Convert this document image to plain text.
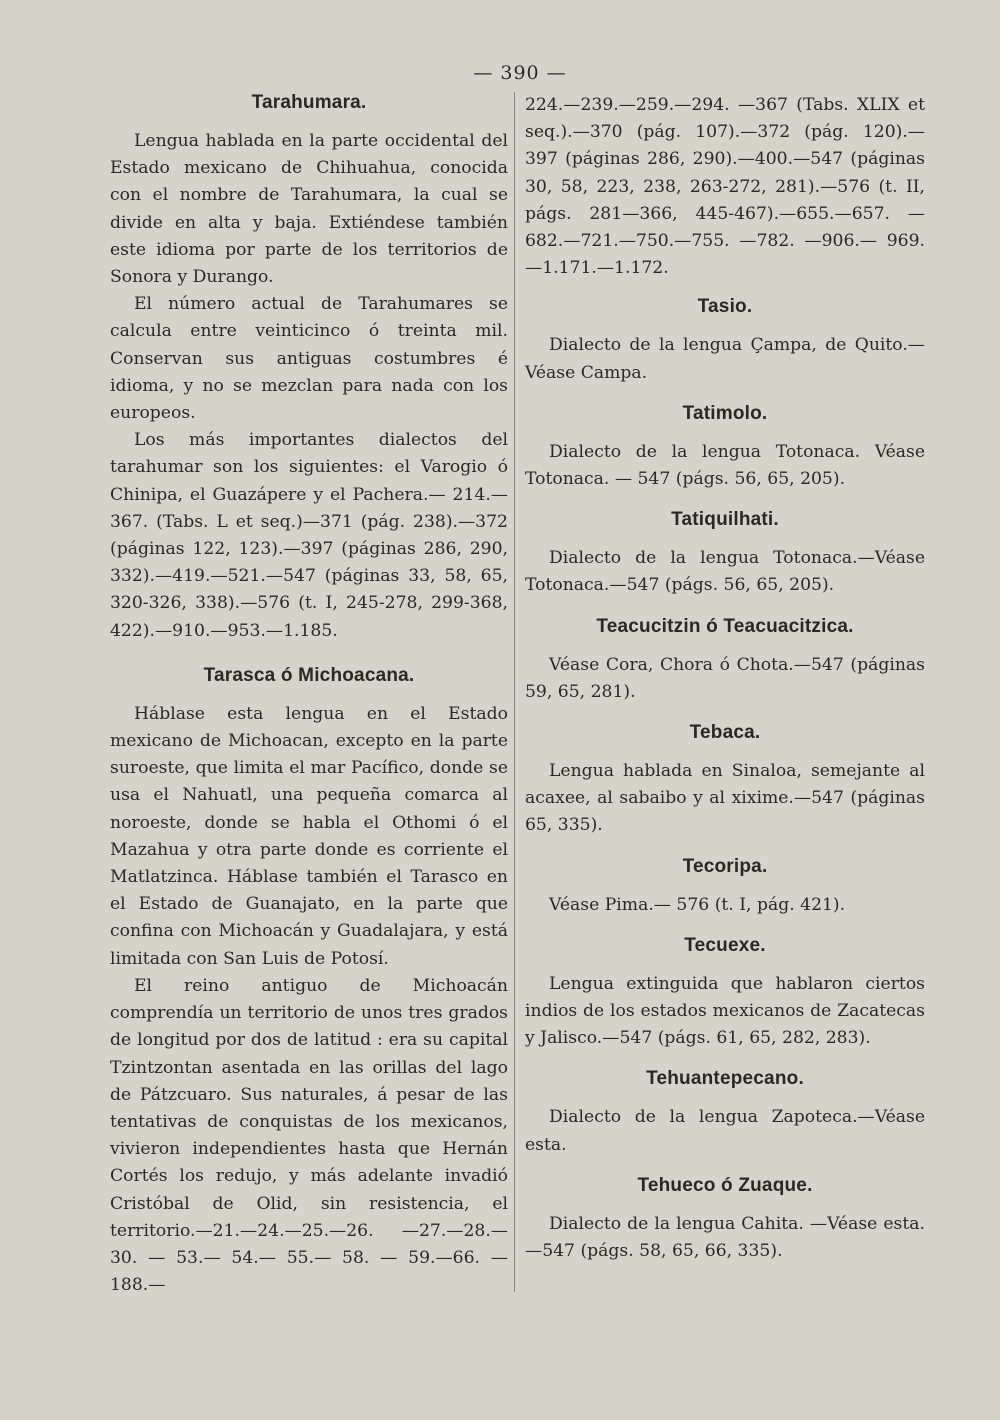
— 390 —
Tarahumara.

Lengua hablada en la parte occidental del Estado mexicano de Chihuahua, conocida con el nombre de Tarahumara, la cual se divide en alta y baja. Extiéndese también este idioma por parte de los territorios de Sonora y Durango.

El número actual de Tarahumares se calcula entre veinticinco ó treinta mil. Conservan sus antiguas costumbres é idioma, y no se mezclan para nada con los europeos.

Los más importantes dialectos del tarahumar son los siguientes: el Varogio ó Chinipa, el Guazápere y el Pachera.— 214.— 367. (Tabs. L et seq.)—371 (pág. 238).—372 (páginas 122, 123).—397 (páginas 286, 290, 332).—419.—521.—547 (páginas 33, 58, 65, 320-326, 338).—576 (t. I, 245-278, 299-368, 422).—910.—953.—1.185.

Tarasca ó Michoacana.

Háblase esta lengua en el Estado mexicano de Michoacan, excepto en la parte suroeste, que limita el mar Pacífico, donde se usa el Nahuatl, una pequeña comarca al noroeste, donde se habla el Othomi ó el Mazahua y otra parte donde es corriente el Matlatzinca. Háblase también el Tarasco en el Estado de Guanajato, en la parte que confina con Michoacán y Guadalajara, y está limitada con San Luis de Potosí.

El reino antiguo de Michoacán comprendía un territorio de unos tres grados de longitud por dos de latitud : era su capital Tzintzontan asentada en las orillas del lago de Pátzcuaro. Sus naturales, á pesar de las tentativas de conquistas de los mexicanos, vivieron independientes hasta que Hernán Cortés los redujo, y más adelante invadió Cristóbal de Olid, sin resistencia, el territorio.—21.—24.—25.—26. —27.—28.—30. — 53.— 54.— 55.— 58. — 59.—66. — 188.—

224.—239.—259.—294. —367 (Tabs. XLIX et seq.).—370 (pág. 107).—372 (pág. 120).— 397 (páginas 286, 290).—400.—547 (páginas 30, 58, 223, 238, 263-272, 281).—576 (t. II, págs. 281—366, 445-467).—655.—657. —682.—721.—750.—755. —782. —906.— 969.—1.171.—1.172.

Tasio.

Dialecto de la lengua Çampa, de Quito.—Véase Campa.

Tatimolo.

Dialecto de la lengua Totonaca. Véase Totonaca. — 547 (págs. 56, 65, 205).

Tatiquilhati.

Dialecto de la lengua Totonaca.—Véase Totonaca.—547 (págs. 56, 65, 205).

Teacucitzin ó Teacuacitzica.

Véase Cora, Chora ó Chota.—547 (páginas 59, 65, 281).

Tebaca.

Lengua hablada en Sinaloa, semejante al acaxee, al sabaibo y al xixime.—547 (páginas 65, 335).

Tecoripa.

Véase Pima.— 576 (t. I, pág. 421).

Tecuexe.

Lengua extinguida que hablaron ciertos indios de los estados mexicanos de Zacatecas y Jalisco.—547 (págs. 61, 65, 282, 283).

Tehuantepecano.

Dialecto de la lengua Zapoteca.—Véase esta.

Tehueco ó Zuaque.

Dialecto de la lengua Cahita. —Véase esta.—547 (págs. 58, 65, 66, 335).
